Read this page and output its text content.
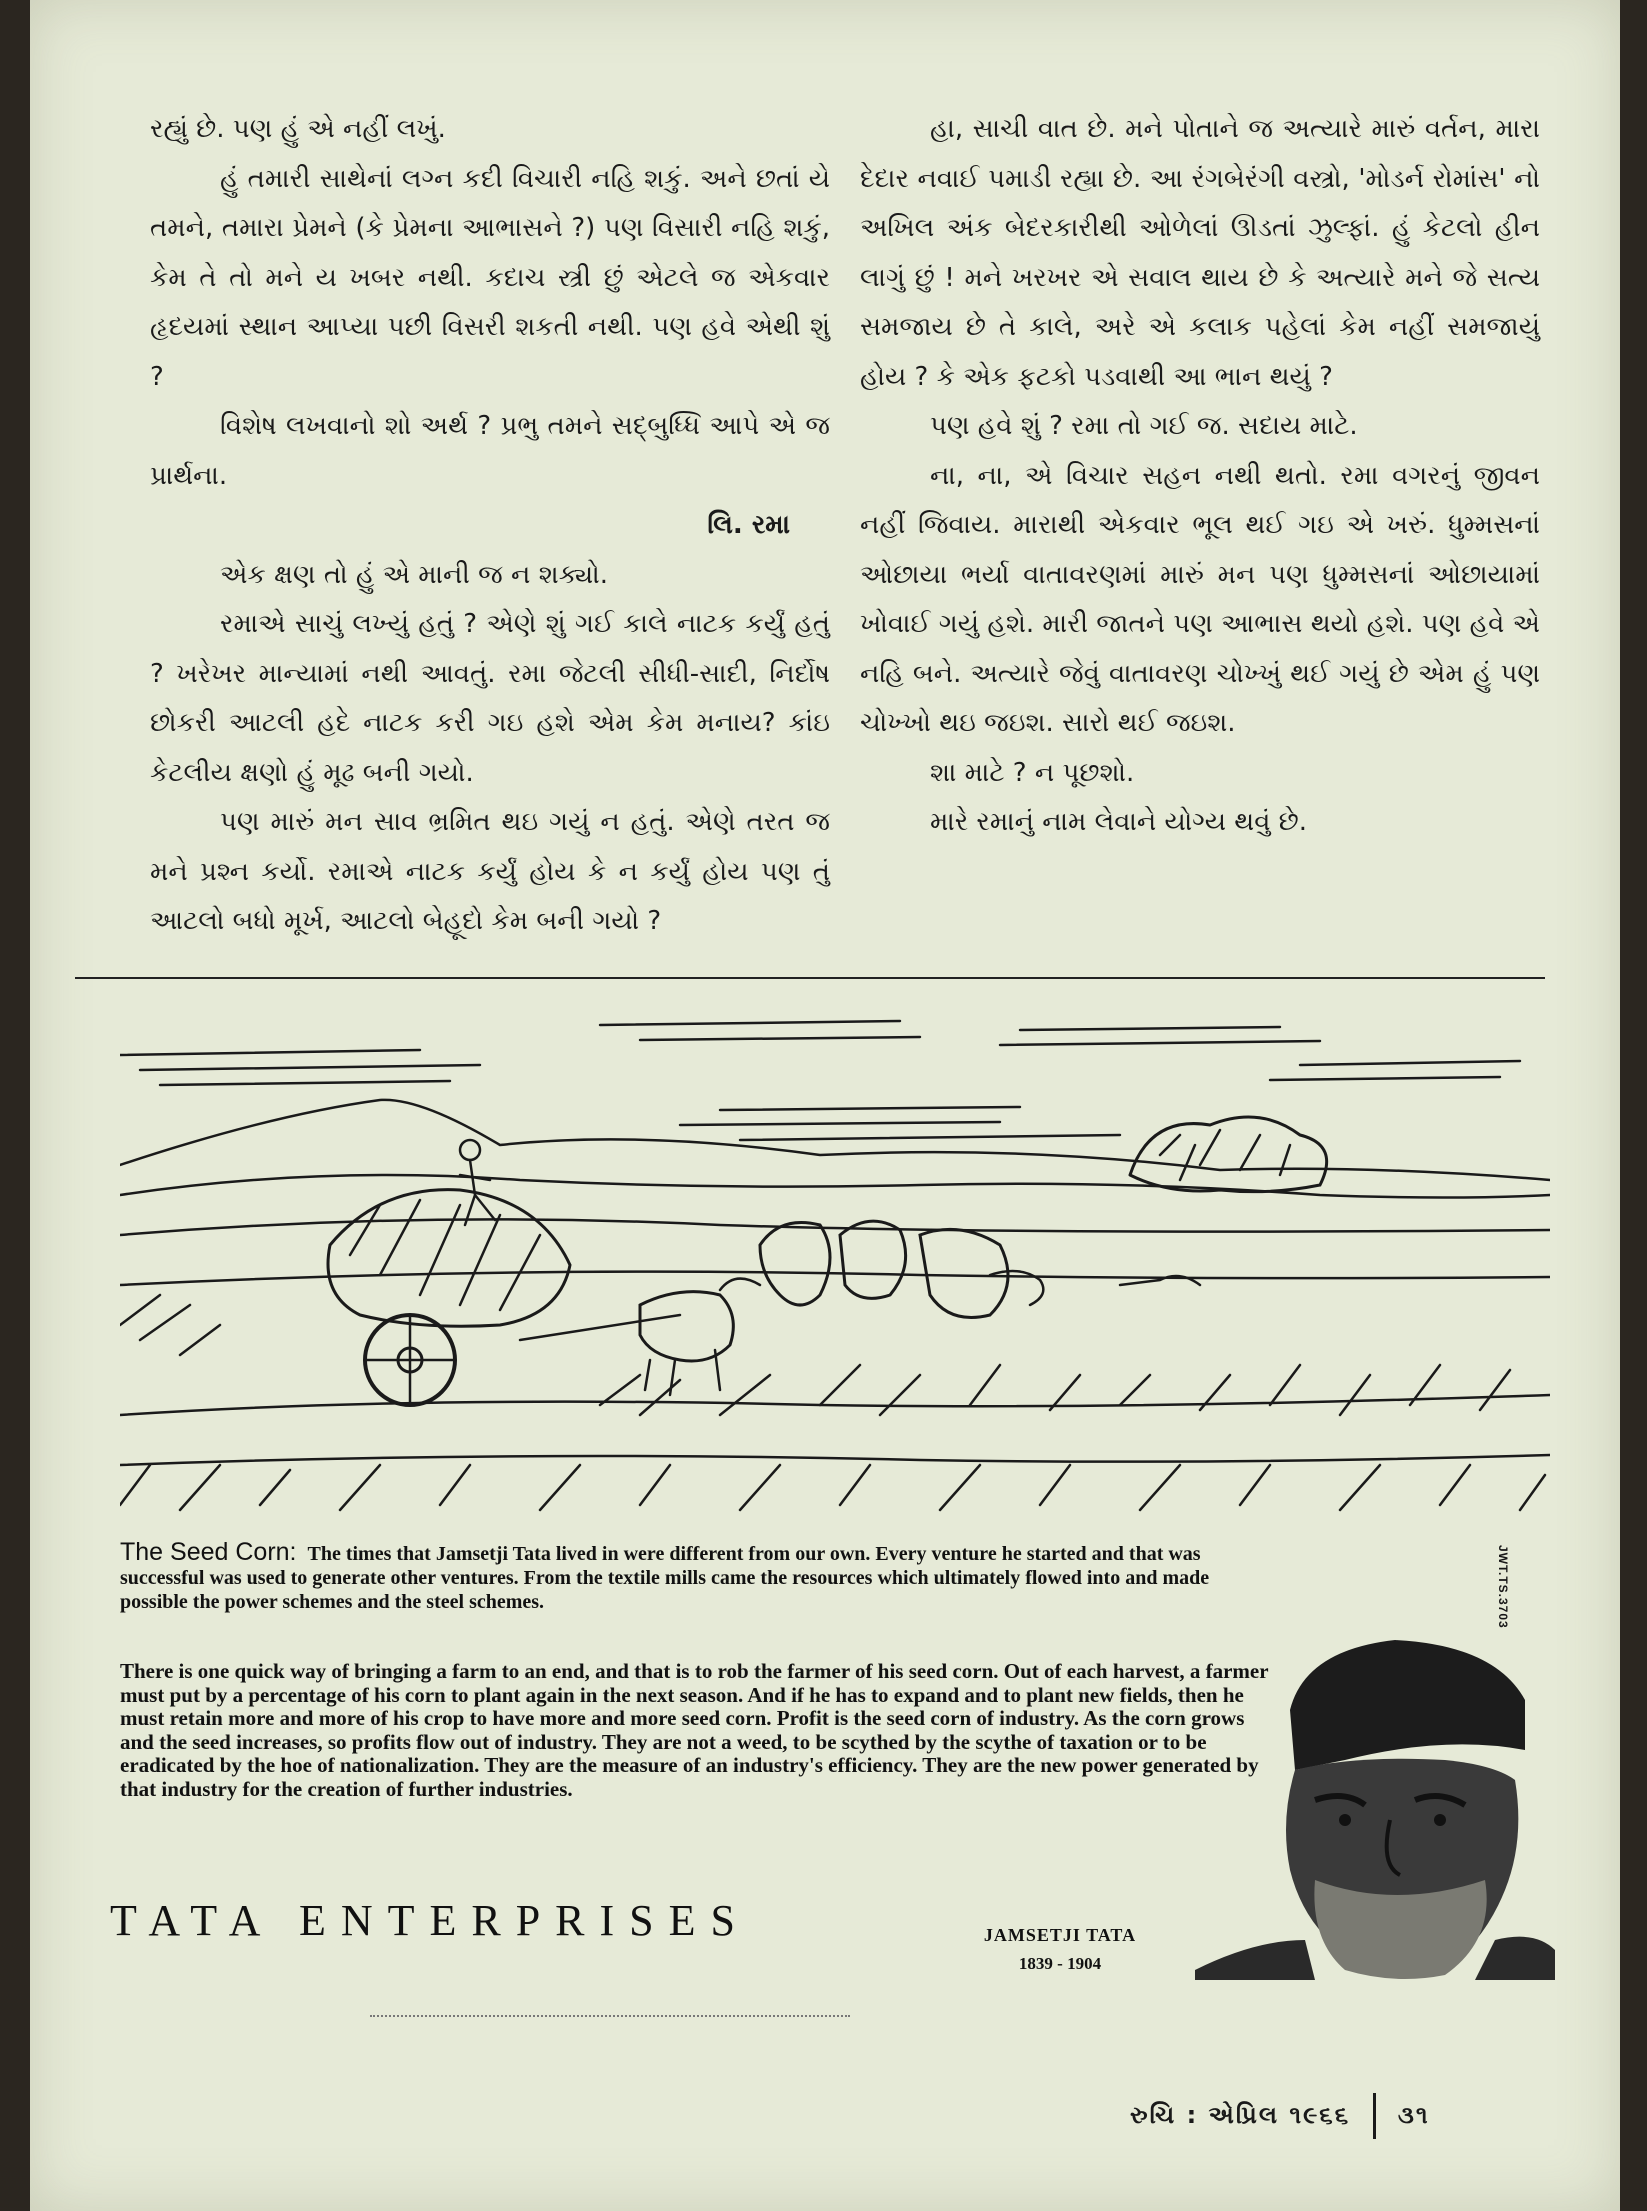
રહ્યું છે. પણ હું એ નહીં લખું.

હું તમારી સાથેનાં લગ્ન કદી વિચારી નહિ શકું. અને છતાં યે તમને, તમારા પ્રેમને (કે પ્રેમના આભાસને ?) પણ વિસારી નહિ શકું, કેમ તે તો મને ય ખબર નથી. કદાચ સ્ત્રી છું એટલે જ એકવાર હૃદયમાં સ્થાન આપ્યા પછી વિસરી શકતી નથી. પણ હવે એથી શું ?

વિશેષ લખવાનો શો અર્થ ? પ્રભુ તમને સદ્બુધ્ધિ આપે એ જ પ્રાર્થના.

લિ. રમા

એક ક્ષણ તો હું એ માની જ ન શક્યો.

રમાએ સાચું લખ્યું હતું ? એણે શું ગઈ કાલે નાટક કર્યું હતું ? ખરેખર માન્યામાં નથી આવતું. રમા જેટલી સીધી-સાદી, નિર્દોષ છોકરી આટલી હદે નાટક કરી ગઇ હશે એમ કેમ મનાય? કાંઇ કેટલીય ક્ષણો હું મૂઢ બની ગયો.

પણ મારું મન સાવ ભ્રમિત થઇ ગયું ન હતું. એણે તરત જ મને પ્રશ્ન કર્યો. રમાએ નાટક કર્યું હોય કે ન કર્યું હોય પણ તું આટલો બધો મૂર્ખ, આટલો બેહૂદો કેમ બની ગયો ?

હા, સાચી વાત છે. મને પોતાને જ અત્યારે મારું વર્તન, મારા દેદાર નવાઈ પમાડી રહ્યા છે. આ રંગબેરંગી વસ્ત્રો, 'મોડર્ન રોમાંસ' નો અખિલ અંક બેદરકારીથી ઓળેલાં ઊડતાં ઝુલ્ફાં. હું કેટલો હીન લાગું છું ! મને ખરખર એ સવાલ થાય છે કે અત્યારે મને જે સત્ય સમજાય છે તે કાલે, અરે એ કલાક પહેલાં કેમ નહીં સમજાયું હોય ? કે એક ફટકો પડવાથી આ ભાન થયું ?

પણ હવે શું ? રમા તો ગઈ જ. સદાય માટે.

ના, ના, એ વિચાર સહન નથી થતો. રમા વગરનું જીવન નહીં જિવાય. મારાથી એકવાર ભૂલ થઈ ગઇ એ ખરું. ધુમ્મસનાં ઓછાયા ભર્યા વાતાવરણમાં મારું મન પણ ધુમ્મસનાં ઓછાયામાં ખોવાઈ ગયું હશે. મારી જાતને પણ આભાસ થયો હશે. પણ હવે એ નહિ બને. અત્યારે જેવું વાતાવરણ ચોખ્ખું થઈ ગયું છે એમ હું પણ ચોખ્ખો થઇ જઇશ. સારો થઈ જઇશ.

શા માટે ? ન પૂછશો.

મારે રમાનું નામ લેવાને યોગ્ય થવું છે.

The Seed Corn: The times that Jamsetji Tata lived in were different from our own. Every venture he started and that was successful was used to generate other ventures. From the textile mills came the resources which ultimately flowed into and made possible the power schemes and the steel schemes.
There is one quick way of bringing a farm to an end, and that is to rob the farmer of his seed corn. Out of each harvest, a farmer must put by a percentage of his corn to plant again in the next season. And if he has to expand and to plant new fields, then he must retain more and more of his crop to have more and more seed corn. Profit is the seed corn of industry. As the corn grows and the seed increases, so profits flow out of industry. They are not a weed, to be scythed by the scythe of taxation or to be eradicated by the hoe of nationalization. They are the measure of an industry's efficiency. They are the new power generated by that industry for the creation of further industries.
JWT.TS.3703
TATA ENTERPRISES	JAMSETJI TATA
1839 - 1904
રુચિ : એપ્રિલ ૧૯૬૬ ૩૧
